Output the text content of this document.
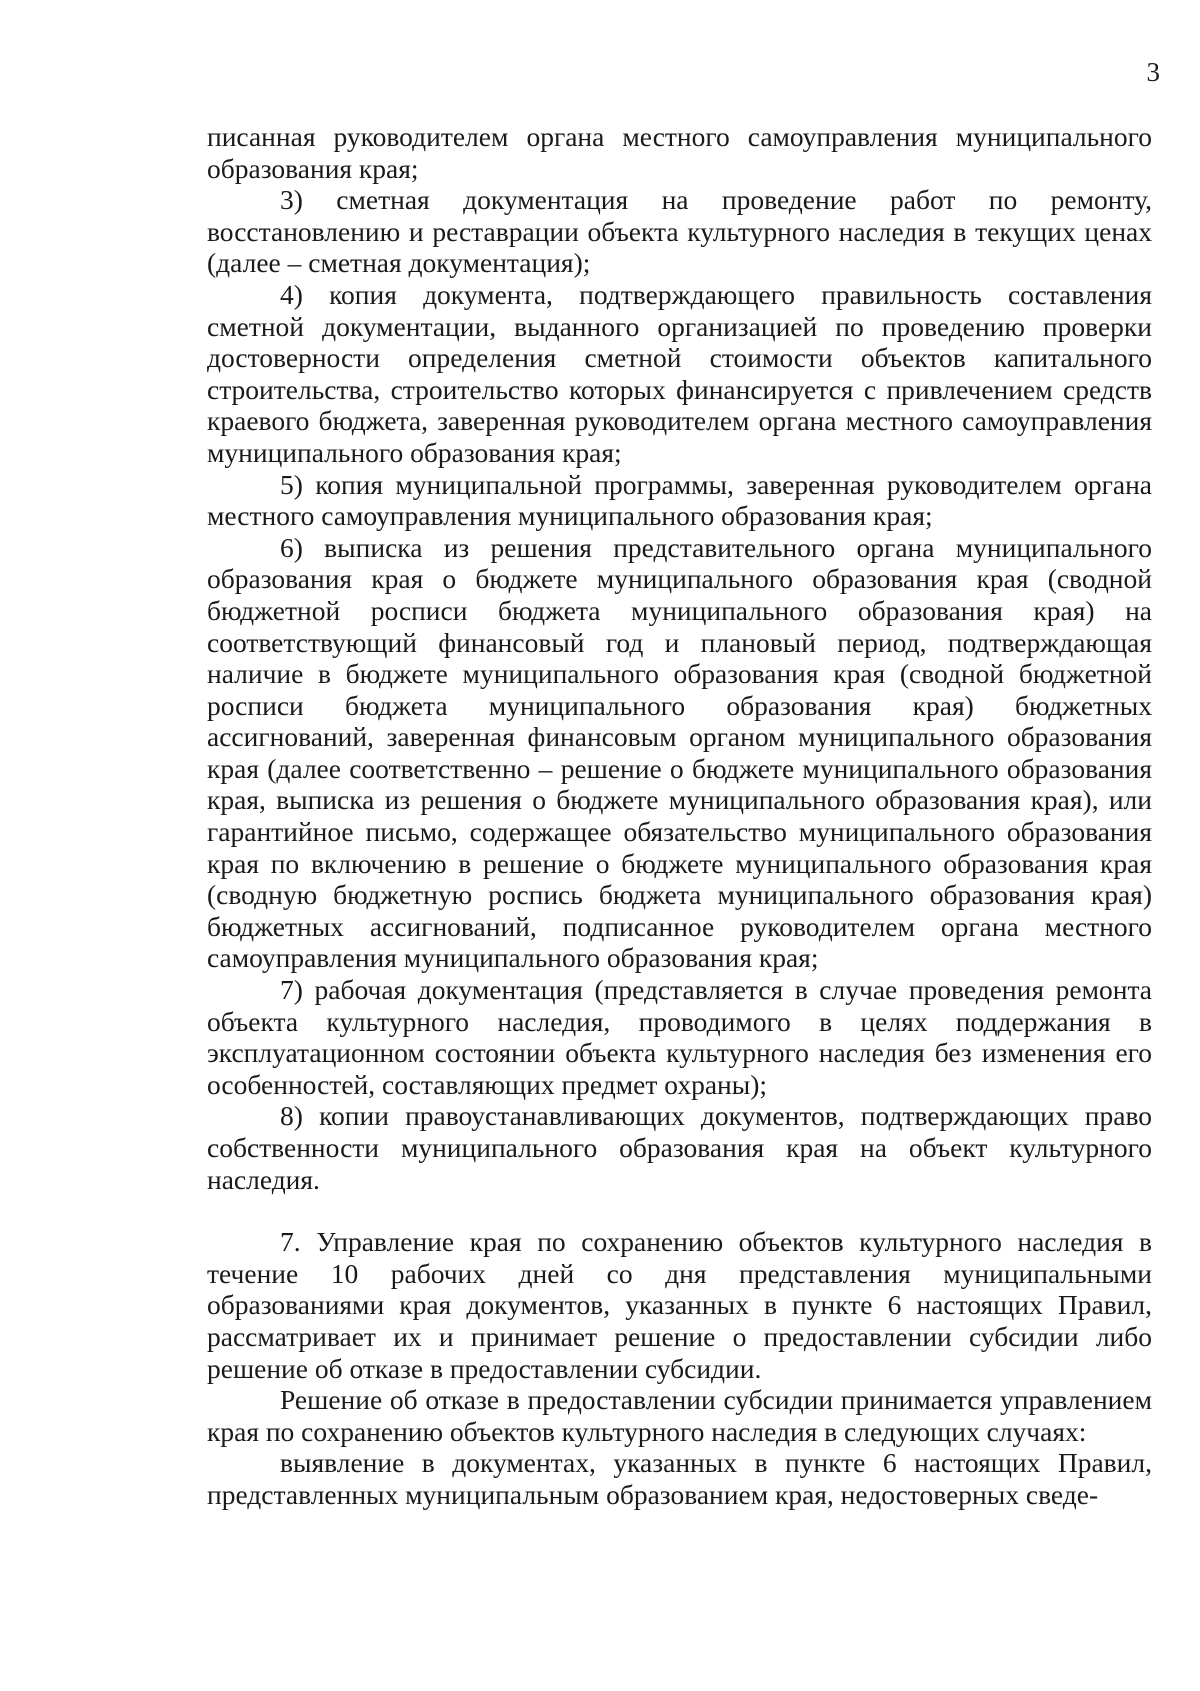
3

писанная руководителем органа местного самоуправления муниципального образования края;

3) сметная документация на проведение работ по ремонту, восстановлению и реставрации объекта культурного наследия в текущих ценах (далее – сметная документация);

4) копия документа, подтверждающего правильность составления сметной документации, выданного организацией по проведению проверки достоверности определения сметной стоимости объектов капитального строительства, строительство которых финансируется с привлечением средств краевого бюджета, заверенная руководителем органа местного самоуправления муниципального образования края;

5) копия муниципальной программы, заверенная руководителем органа местного самоуправления муниципального образования края;

6) выписка из решения представительного органа муниципального образования края о бюджете муниципального образования края (сводной бюджетной росписи бюджета муниципального образования края) на соответствующий финансовый год и плановый период, подтверждающая наличие в бюджете муниципального образования края (сводной бюджетной росписи бюджета муниципального образования края) бюджетных ассигнований, заверенная финансовым органом муниципального образования края (далее соответственно – решение о бюджете муниципального образования края, выписка из решения о бюджете муниципального образования края), или гарантийное письмо, содержащее обязательство муниципального образования края по включению в решение о бюджете муниципального образования края (сводную бюджетную роспись бюджета муниципального образования края) бюджетных ассигнований, подписанное руководителем органа местного самоуправления муниципального образования края;

7) рабочая документация (представляется в случае проведения ремонта объекта культурного наследия, проводимого в целях поддержания в эксплуатационном состоянии объекта культурного наследия без изменения его особенностей, составляющих предмет охраны);

8) копии правоустанавливающих документов, подтверждающих право собственности муниципального образования края на объект культурного наследия.

7. Управление края по сохранению объектов культурного наследия в течение 10 рабочих дней со дня представления муниципальными образованиями края документов, указанных в пункте 6 настоящих Правил, рассматривает их и принимает решение о предоставлении субсидии либо решение об отказе в предоставлении субсидии.

Решение об отказе в предоставлении субсидии принимается управлением края по сохранению объектов культурного наследия в следующих случаях:

выявление в документах, указанных в пункте 6 настоящих Правил, представленных муниципальным образованием края, недостоверных сведе-
